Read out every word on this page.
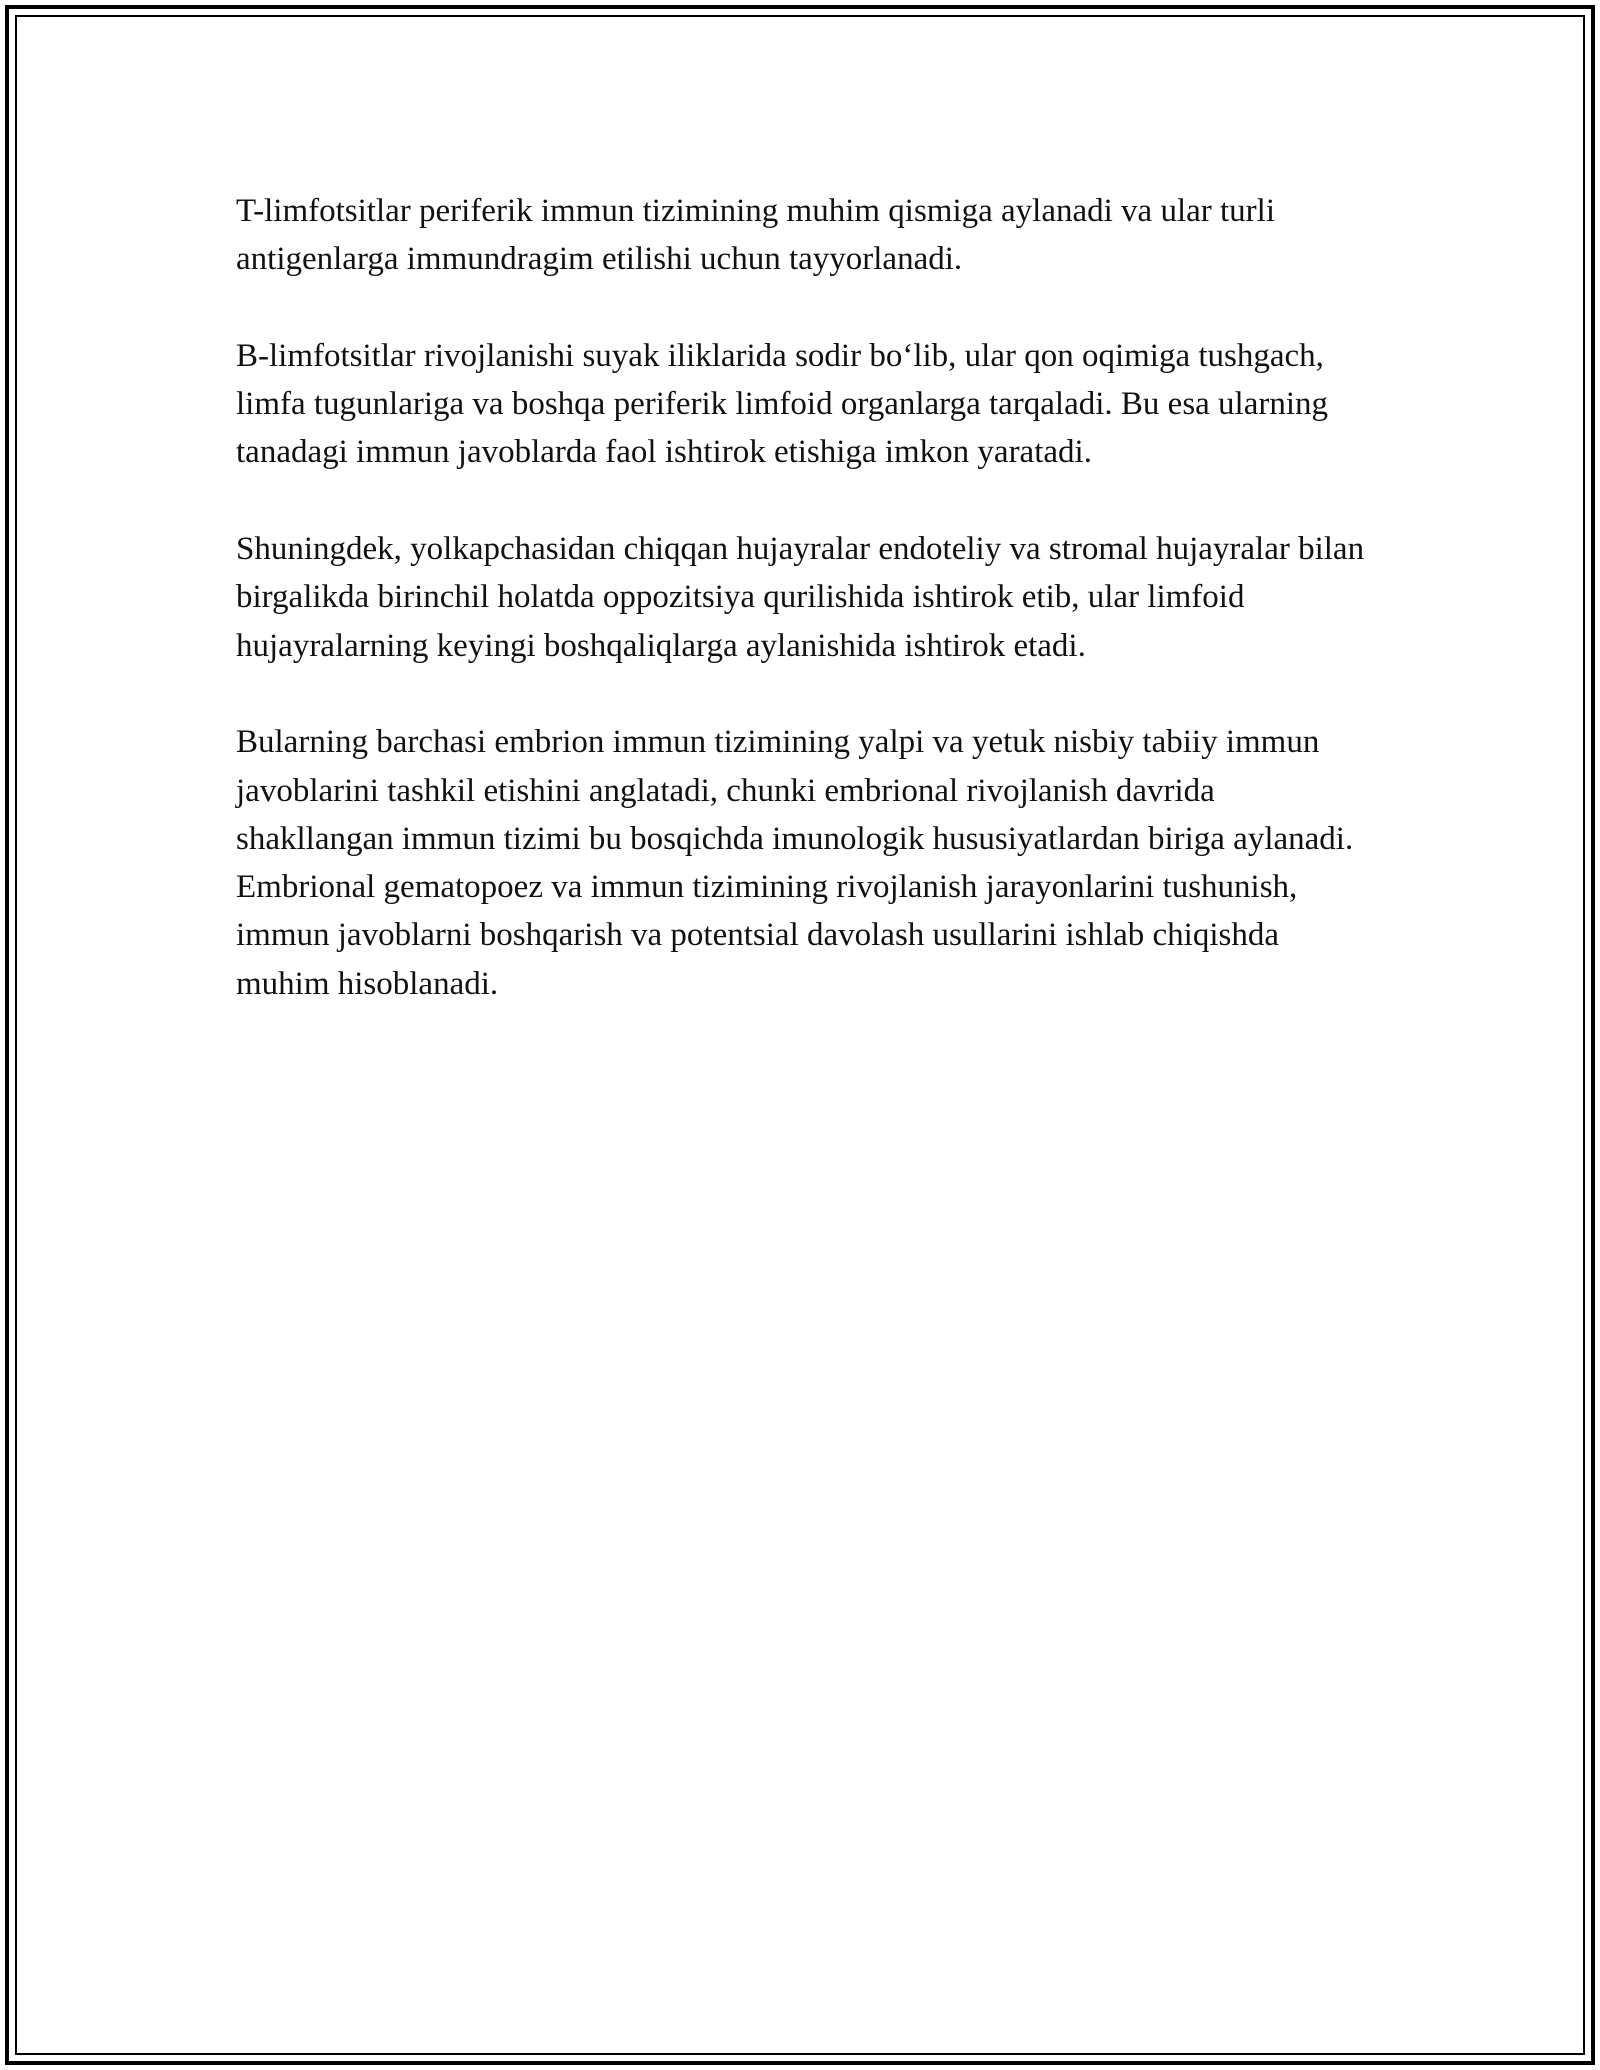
T-limfotsitlar periferik immun tizimining muhim qismiga aylanadi va ular turli antigenlarga immundragim etilishi uchun tayyorlanadi.

B-limfotsitlar rivojlanishi suyak iliklarida sodir bo‘lib, ular qon oqimiga tushgach, limfa tugunlariga va boshqa periferik limfoid organlarga tarqaladi. Bu esa ularning tanadagi immun javoblarda faol ishtirok etishiga imkon yaratadi.

Shuningdek, yolkapchasidan chiqqan hujayralar endoteliy va stromal hujayralar bilan birgalikda birinchil holatda oppozitsiya qurilishida ishtirok etib, ular limfoid hujayralarning keyingi boshqaliqlarga aylanishida ishtirok etadi.

Bularning barchasi embrion immun tizimining yalpi va yetuk nisbiy tabiiy immun javoblarini tashkil etishini anglatadi, chunki embrional rivojlanish davrida shakllangan immun tizimi bu bosqichda imunologik hususiyatlardan biriga aylanadi. Embrional gematopoez va immun tizimining rivojlanish jarayonlarini tushunish, immun javoblarni boshqarish va potentsial davolash usullarini ishlab chiqishda muhim hisoblanadi.
